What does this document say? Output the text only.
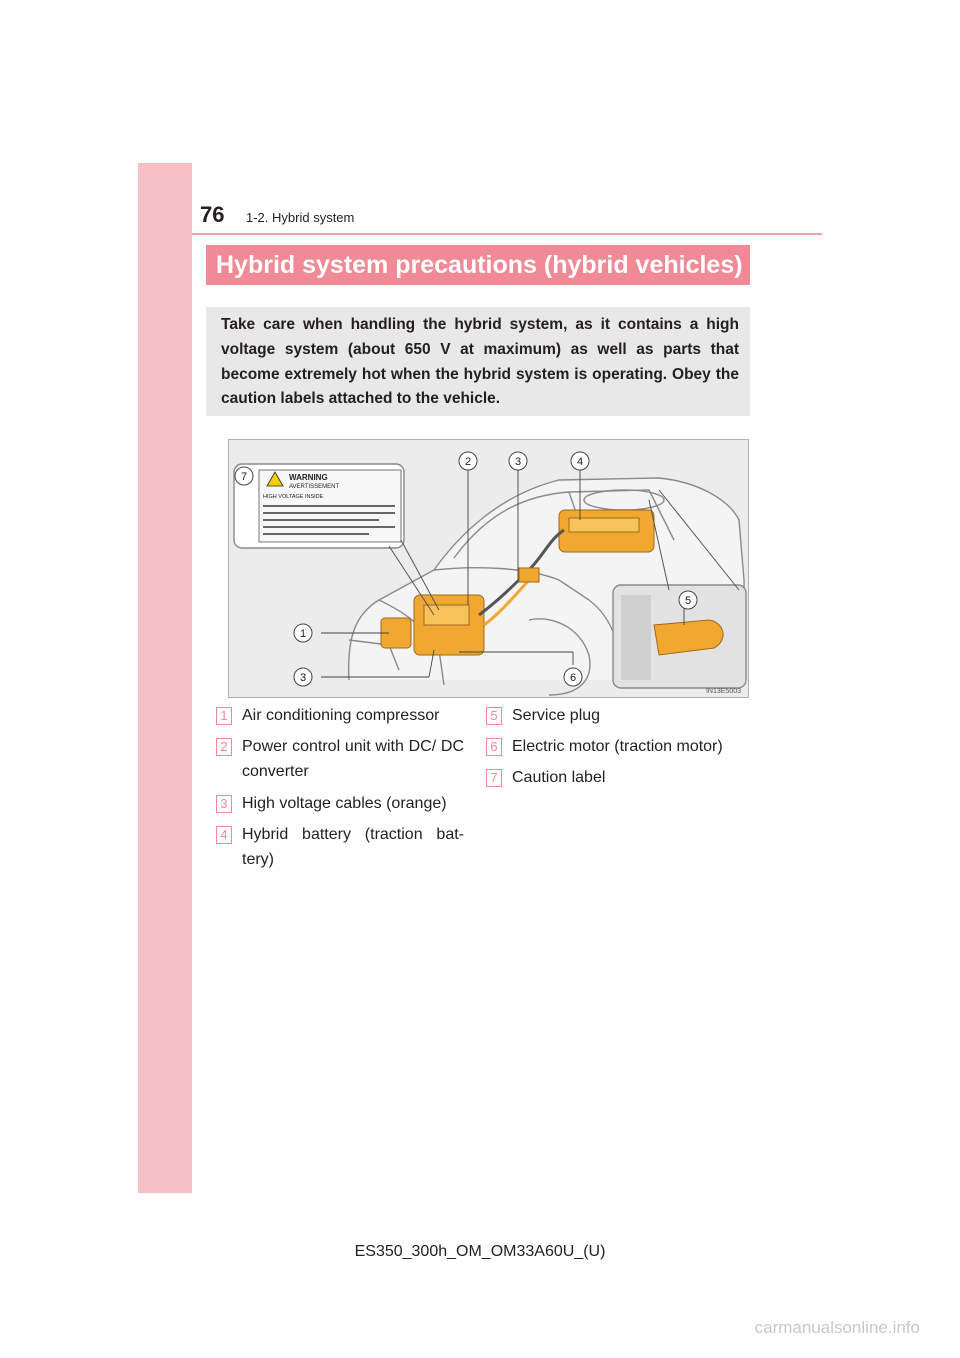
76 1-2. Hybrid system
Hybrid system precautions (hybrid vehicles)
Take care when handling the hybrid system, as it contains a high voltage system (about 650 V at maximum) as well as parts that become extremely hot when the hybrid system is operating. Obey the caution labels attached to the vehicle.
WARNING
AVERTISSEMENT
HIGH VOLTAGE INSIDE
2	3	4
7
1
3	6
5
IN13E5003
1 Air conditioning compressor
2 Power control unit with DC/ DC converter
3 High voltage cables (orange)
4 Hybrid battery (traction bat- tery)
5 Service plug
6 Electric motor (traction motor)
7 Caution label
ES350_300h_OM_OM33A60U_(U)
carmanualsonline.info
